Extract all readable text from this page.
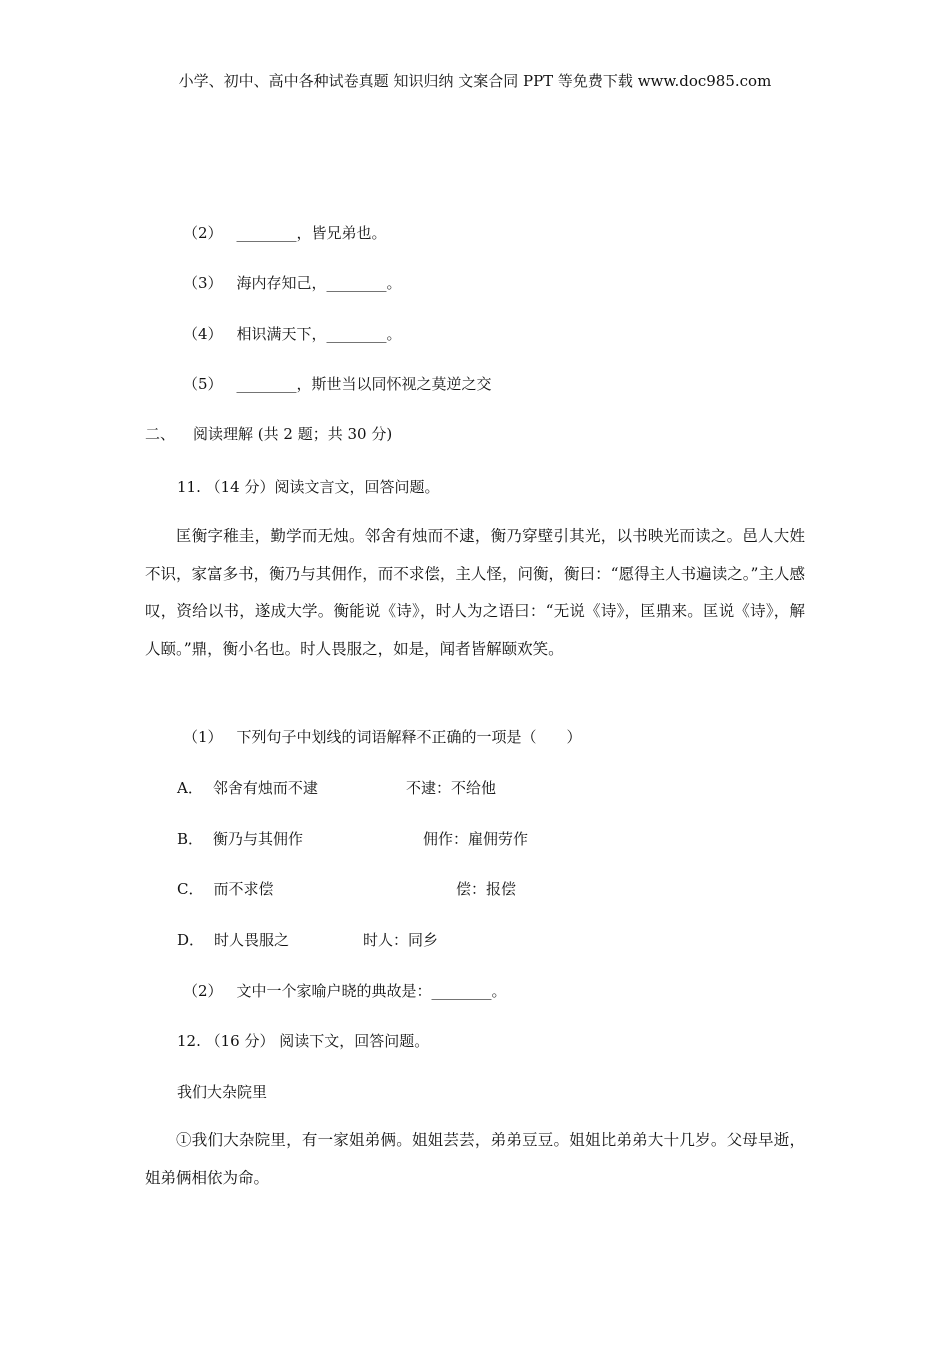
小学、初中、高中各种试卷真题 知识归纳 文案合同 PPT 等免费下载 www.doc985.com
（2） ________，皆兄弟也。
（3） 海内存知己，________。
（4） 相识满天下，________。
（5） ________，斯世当以同怀视之莫逆之交
二、 阅读理解 (共 2 题；共 30 分)
11. （14 分）阅读文言文，回答问题。
匡衡字稚圭，勤学而无烛。邻舍有烛而不逮，衡乃穿壁引其光，以书映光而读之。邑人大姓不识，家富多书，衡乃与其佣作，而不求偿，主人怪，问衡，衡曰：“愿得主人书遍读之。”主人感叹，资给以书，遂成大学。衡能说《诗》，时人为之语曰：“无说《诗》，匡鼎来。匡说《诗》，解人颐。”鼎，衡小名也。时人畏服之，如是，闻者皆解颐欢笑。
（1） 下列句子中划线的词语解释不正确的一项是（　　）
A． 邻舍有烛而不逮	不逮：不给他
B． 衡乃与其佣作	佣作：雇佣劳作
C． 而不求偿	偿：报偿
D． 时人畏服之	时人：同乡
（2） 文中一个家喻户晓的典故是：________。
12. （16 分） 阅读下文，回答问题。
我们大杂院里
①我们大杂院里，有一家姐弟俩。姐姐芸芸，弟弟豆豆。姐姐比弟弟大十几岁。父母早逝，姐弟俩相依为命。
